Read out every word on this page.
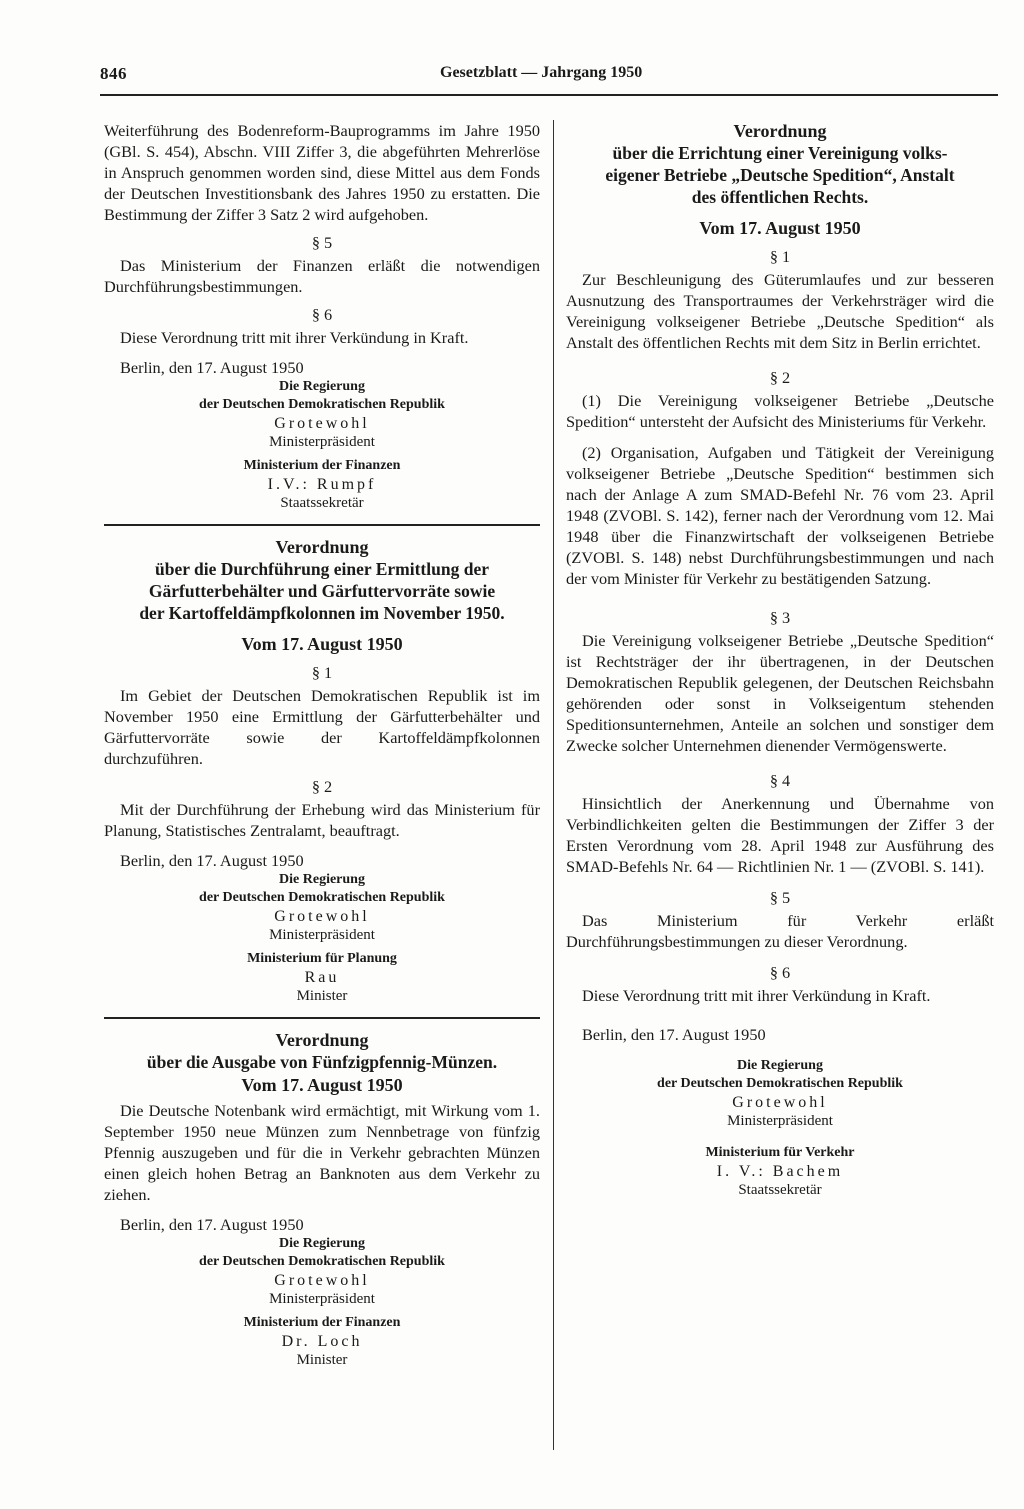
846	Gesetzblatt — Jahrgang 1950

Weiterführung des Bodenreform-Bauprogramms im Jahre 1950 (GBl. S. 454), Abschn. VIII Ziffer 3, die abgeführten Mehrerlöse in Anspruch genommen worden sind, diese Mittel aus dem Fonds der Deutschen Investitionsbank des Jahres 1950 zu erstatten. Die Bestimmung der Ziffer 3 Satz 2 wird aufgehoben.

§ 5

Das Ministerium der Finanzen erläßt die notwendigen Durchführungsbestimmungen.

§ 6

Diese Verordnung tritt mit ihrer Verkündung in Kraft.

Berlin, den 17. August 1950

Die Regierung
der Deutschen Demokratischen Republik
Grotewohl
Ministerpräsident
Ministerium der Finanzen
I.V.: Rumpf
Staatssekretär
Verordnung
über die Durchführung einer Ermittlung der
Gärfutterbehälter und Gärfuttervorräte sowie
der Kartoffeldämpfkolonnen im November 1950.
Vom 17. August 1950
§ 1

Im Gebiet der Deutschen Demokratischen Republik ist im November 1950 eine Ermittlung der Gärfutterbehälter und Gärfuttervorräte sowie der Kartoffeldämpfkolonnen durchzuführen.

§ 2

Mit der Durchführung der Erhebung wird das Ministerium für Planung, Statistisches Zentralamt, beauftragt.

Berlin, den 17. August 1950

Die Regierung
der Deutschen Demokratischen Republik
Grotewohl
Ministerpräsident
Ministerium für Planung
Rau
Minister
Verordnung
über die Ausgabe von Fünfzigpfennig-Münzen.
Vom 17. August 1950

Die Deutsche Notenbank wird ermächtigt, mit Wirkung vom 1. September 1950 neue Münzen zum Nennbetrage von fünfzig Pfennig auszugeben und für die in Verkehr gebrachten Münzen einen gleich hohen Betrag an Banknoten aus dem Verkehr zu ziehen.

Berlin, den 17. August 1950

Die Regierung
der Deutschen Demokratischen Republik
Grotewohl
Ministerpräsident
Ministerium der Finanzen
Dr. Loch
Minister
Verordnung
über die Errichtung einer Vereinigung volks-
eigener Betriebe „Deutsche Spedition“, Anstalt
des öffentlichen Rechts.
Vom 17. August 1950
§ 1

Zur Beschleunigung des Güterumlaufes und zur besseren Ausnutzung des Transportraumes der Verkehrsträger wird die Vereinigung volkseigener Betriebe „Deutsche Spedition“ als Anstalt des öffentlichen Rechts mit dem Sitz in Berlin errichtet.

§ 2

(1) Die Vereinigung volkseigener Betriebe „Deutsche Spedition“ untersteht der Aufsicht des Ministeriums für Verkehr.

(2) Organisation, Aufgaben und Tätigkeit der Vereinigung volkseigener Betriebe „Deutsche Spedition“ bestimmen sich nach der Anlage A zum SMAD-Befehl Nr. 76 vom 23. April 1948 (ZVOBl. S. 142), ferner nach der Verordnung vom 12. Mai 1948 über die Finanzwirtschaft der volkseigenen Betriebe (ZVOBl. S. 148) nebst Durchführungsbestimmungen und nach der vom Minister für Verkehr zu bestätigenden Satzung.

§ 3

Die Vereinigung volkseigener Betriebe „Deutsche Spedition“ ist Rechtsträger der ihr übertragenen, in der Deutschen Demokratischen Republik gelegenen, der Deutschen Reichsbahn gehörenden oder sonst in Volkseigentum stehenden Speditionsunternehmen, Anteile an solchen und sonstiger dem Zwecke solcher Unternehmen dienender Vermögenswerte.

§ 4

Hinsichtlich der Anerkennung und Übernahme von Verbindlichkeiten gelten die Bestimmungen der Ziffer 3 der Ersten Verordnung vom 28. April 1948 zur Ausführung des SMAD-Befehls Nr. 64 — Richtlinien Nr. 1 — (ZVOBl. S. 141).

§ 5

Das Ministerium für Verkehr erläßt Durchführungsbestimmungen zu dieser Verordnung.

§ 6

Diese Verordnung tritt mit ihrer Verkündung in Kraft.

Berlin, den 17. August 1950

Die Regierung
der Deutschen Demokratischen Republik
Grotewohl
Ministerpräsident
Ministerium für Verkehr
I. V.: Bachem
Staatssekretär
